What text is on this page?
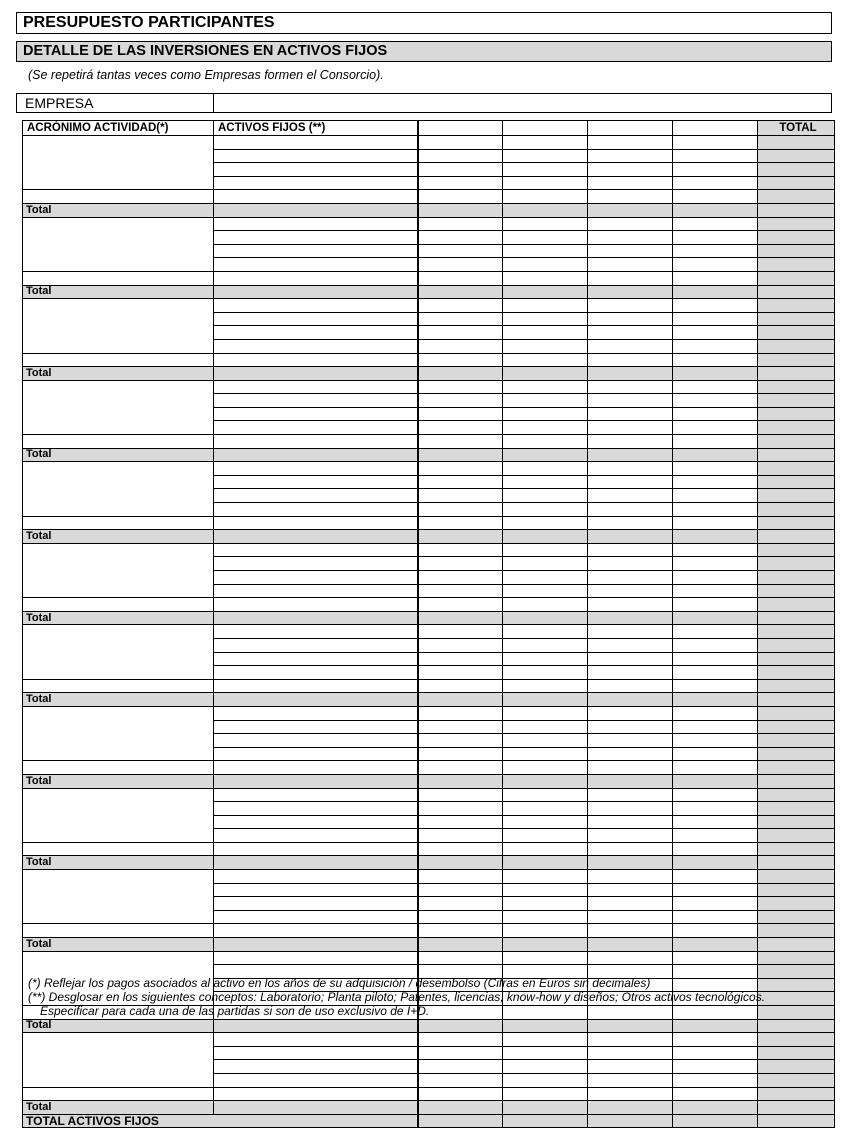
PRESUPUESTO PARTICIPANTES
DETALLE DE LAS INVERSIONES EN ACTIVOS FIJOS
(Se repetirá tantas veces como Empresas formen el Consorcio).
EMPRESA
ACRÓNIMO ACTIVIDAD(*)	ACTIVOS FIJOS (**)					TOTAL

Total						

Total						

Total						

Total						

Total						

Total						

Total						

Total						

Total						

Total						

Total						

Total						
TOTAL ACTIVOS FIJOS						
(*) Reflejar los pagos asociados al activo en los años de su adquisición / desembolso (Cifras en Euros sin decimales)
(**) Desglosar en los siguientes conceptos: Laboratorio; Planta piloto; Patentes, licencias, know-how y diseños; Otros activos tecnológicos.
Especificar para cada una de las partidas si son de uso exclusivo de I+D.
